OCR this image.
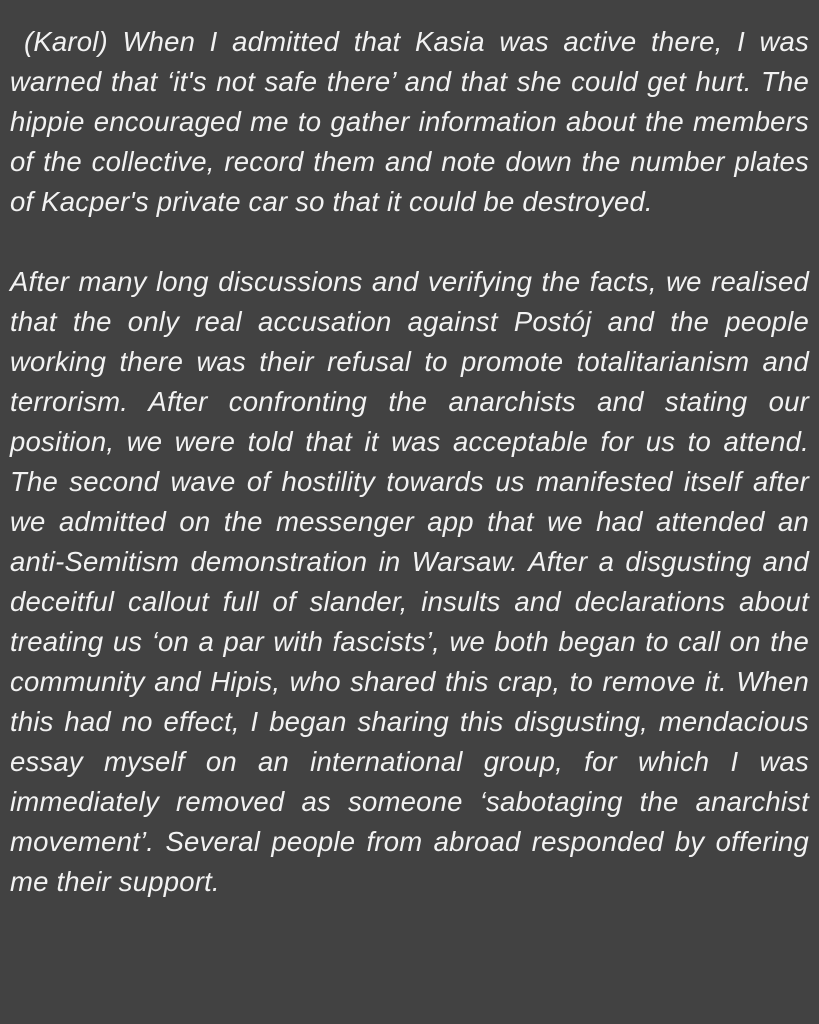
(Karol) When I admitted that Kasia was active there, I was warned that ‘it's not safe there’ and that she could get hurt. The hippie encouraged me to gather information about the members of the collective, record them and note down the number plates of Kacper's private car so that it could be destroyed.

After many long discussions and verifying the facts, we realised that the only real accusation against Postój and the people working there was their refusal to promote totalitarianism and terrorism. After confronting the anarchists and stating our position, we were told that it was acceptable for us to attend. The second wave of hostility towards us manifested itself after we admitted on the messenger app that we had attended an anti-Semitism demonstration in Warsaw. After a disgusting and deceitful callout full of slander, insults and declarations about treating us ‘on a par with fascists’, we both began to call on the community and Hipis, who shared this crap, to remove it. When this had no effect, I began sharing this disgusting, mendacious essay myself on an international group, for which I was immediately removed as someone ‘sabotaging the anarchist movement’. Several people from abroad responded by offering me their support.
